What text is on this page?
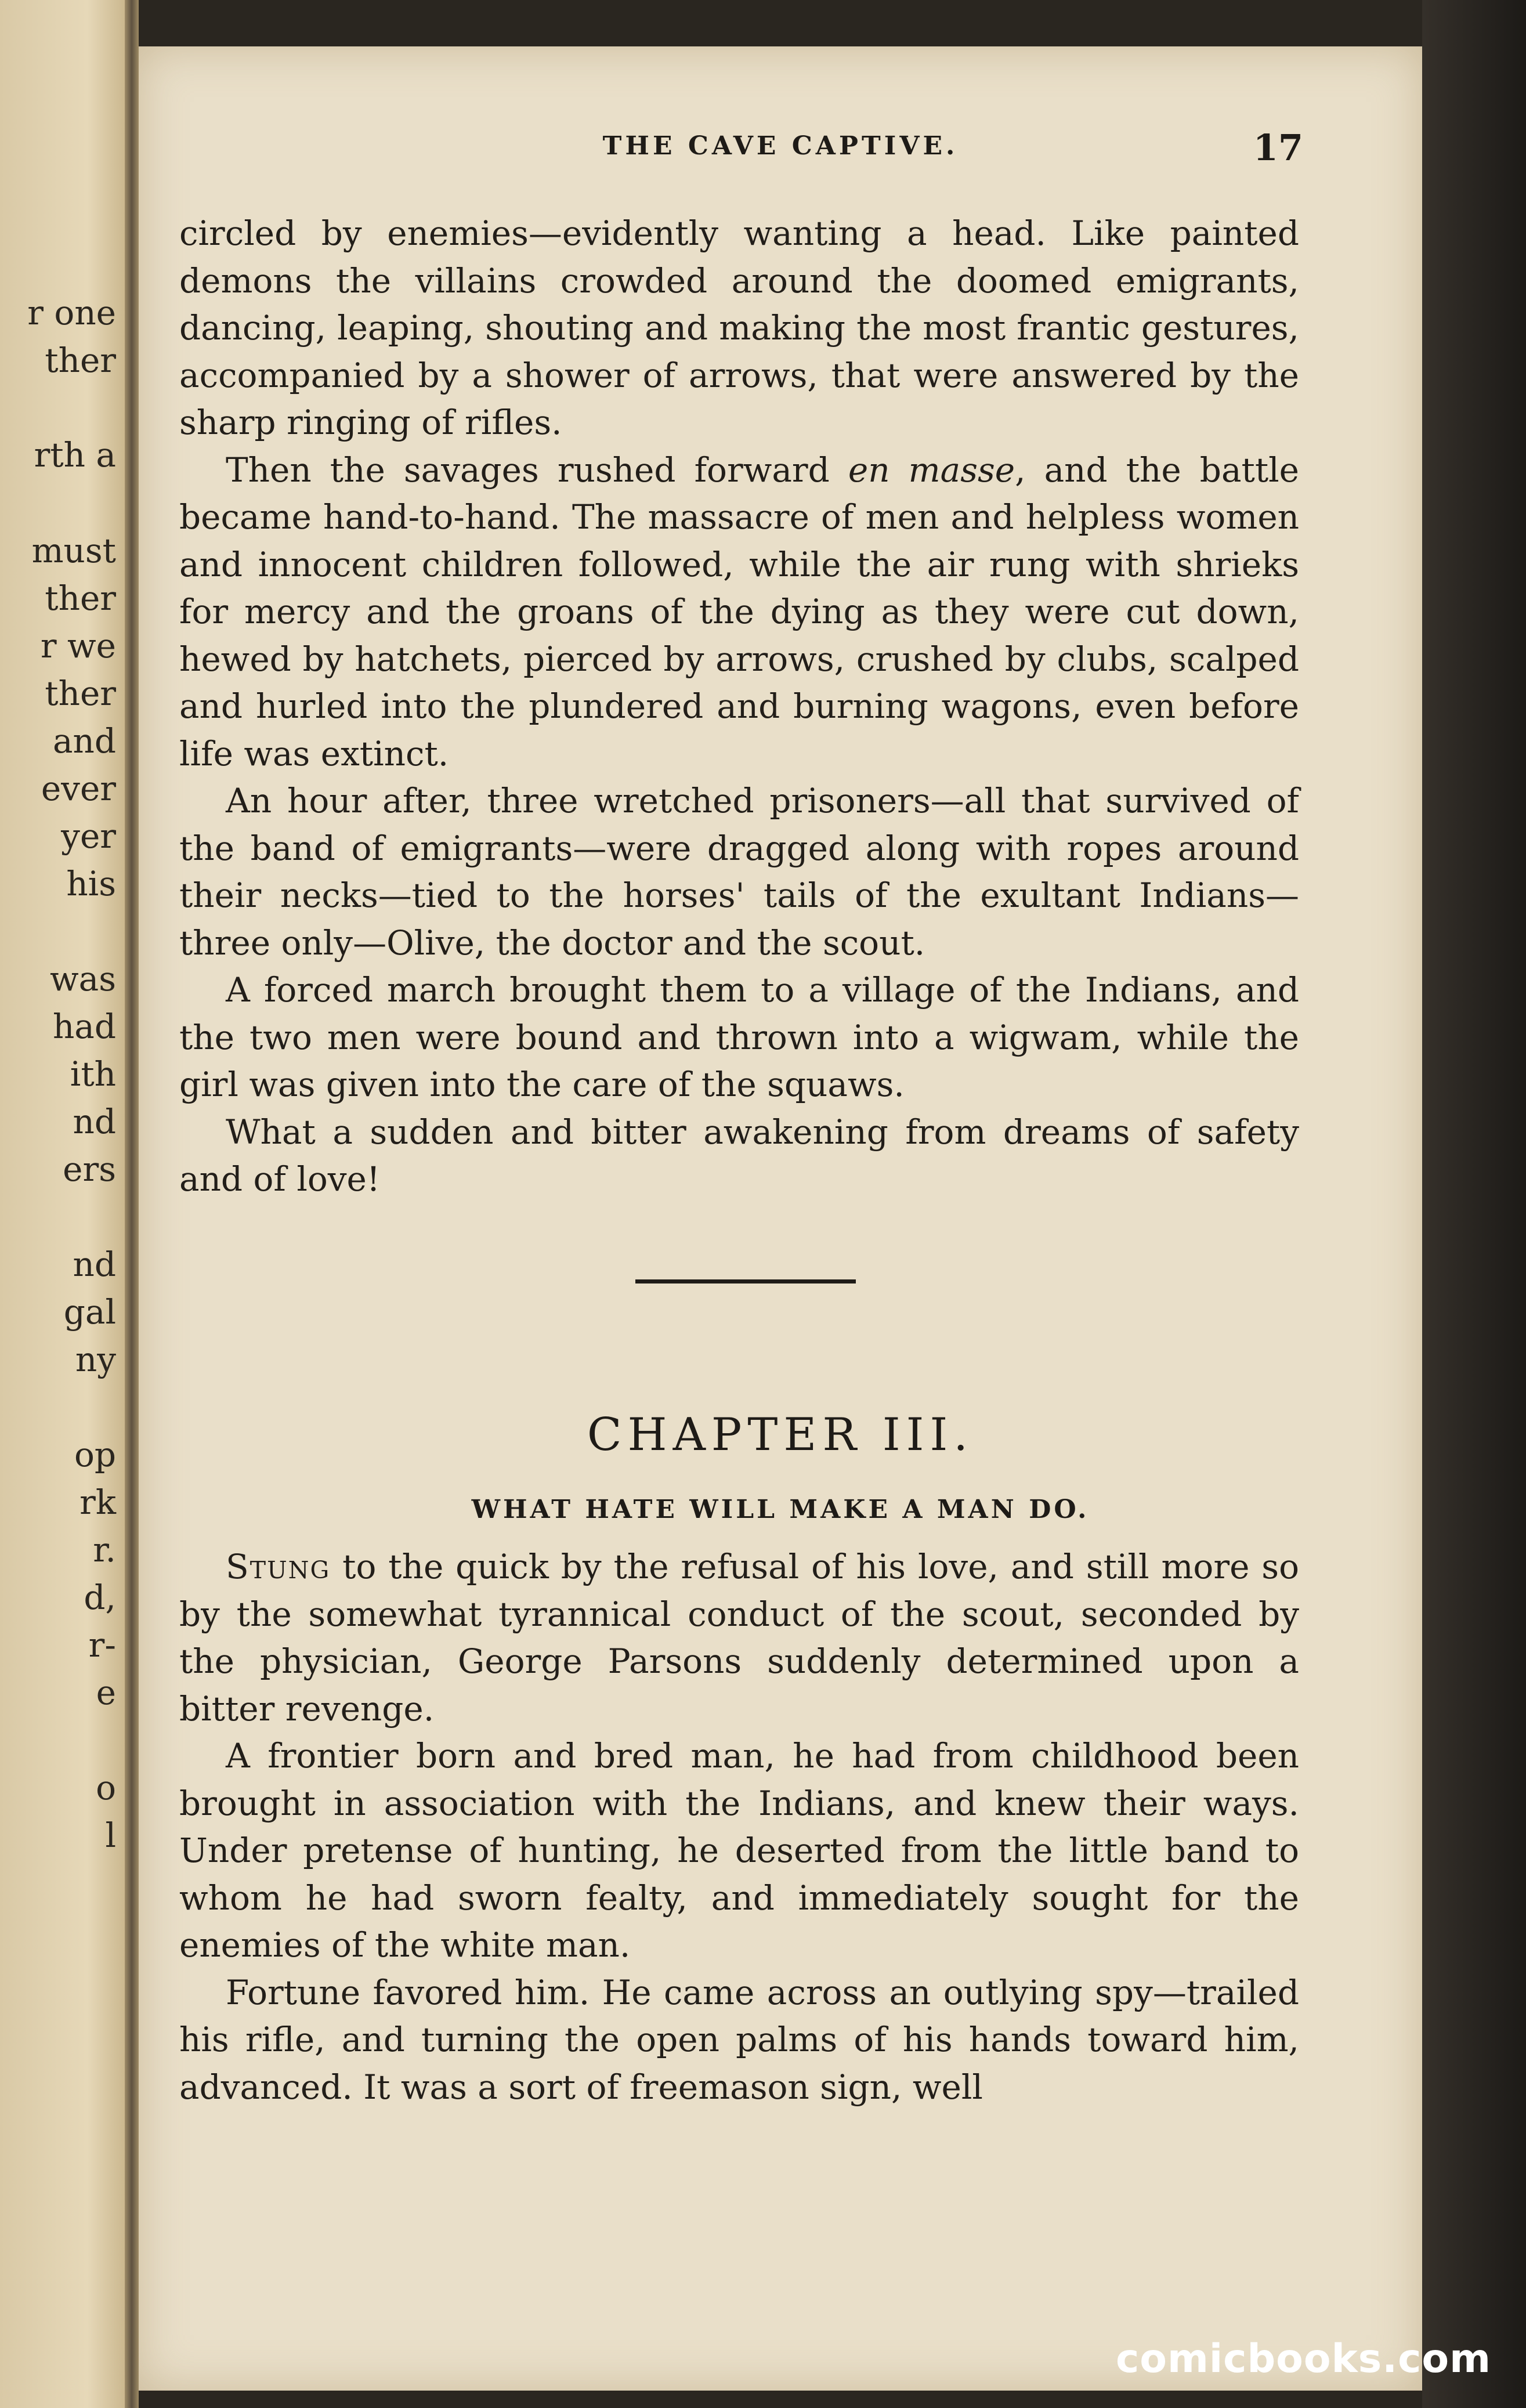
r one
ther
rth a
must
ther
r we
ther
and
ever
yer
his
was
had
ith
nd
ers
nd
gal
ny
op
rk
r.
d,
r-
e
o
l
THE CAVE CAPTIVE.	17

circled by enemies—evidently wanting a head. Like painted demons the villains crowded around the doomed emigrants, dancing, leaping, shouting and making the most frantic gestures, accompanied by a shower of arrows, that were answered by the sharp ringing of rifles.

Then the savages rushed forward en masse, and the battle became hand-to-hand. The massacre of men and helpless women and innocent children followed, while the air rung with shrieks for mercy and the groans of the dying as they were cut down, hewed by hatchets, pierced by arrows, crushed by clubs, scalped and hurled into the plundered and burning wagons, even before life was extinct.

An hour after, three wretched prisoners—all that survived of the band of emigrants—were dragged along with ropes around their necks—tied to the horses' tails of the exultant Indians—three only—Olive, the doctor and the scout.

A forced march brought them to a village of the Indians, and the two men were bound and thrown into a wigwam, while the girl was given into the care of the squaws.

What a sudden and bitter awakening from dreams of safety and of love!

CHAPTER III.
WHAT HATE WILL MAKE A MAN DO.

Stung to the quick by the refusal of his love, and still more so by the somewhat tyrannical conduct of the scout, seconded by the physician, George Parsons suddenly determined upon a bitter revenge.

A frontier born and bred man, he had from childhood been brought in association with the Indians, and knew their ways. Under pretense of hunting, he deserted from the little band to whom he had sworn fealty, and immediately sought for the enemies of the white man.

Fortune favored him. He came across an outlying spy—trailed his rifle, and turning the open palms of his hands toward him, advanced. It was a sort of freemason sign, well

comicbooks.com
